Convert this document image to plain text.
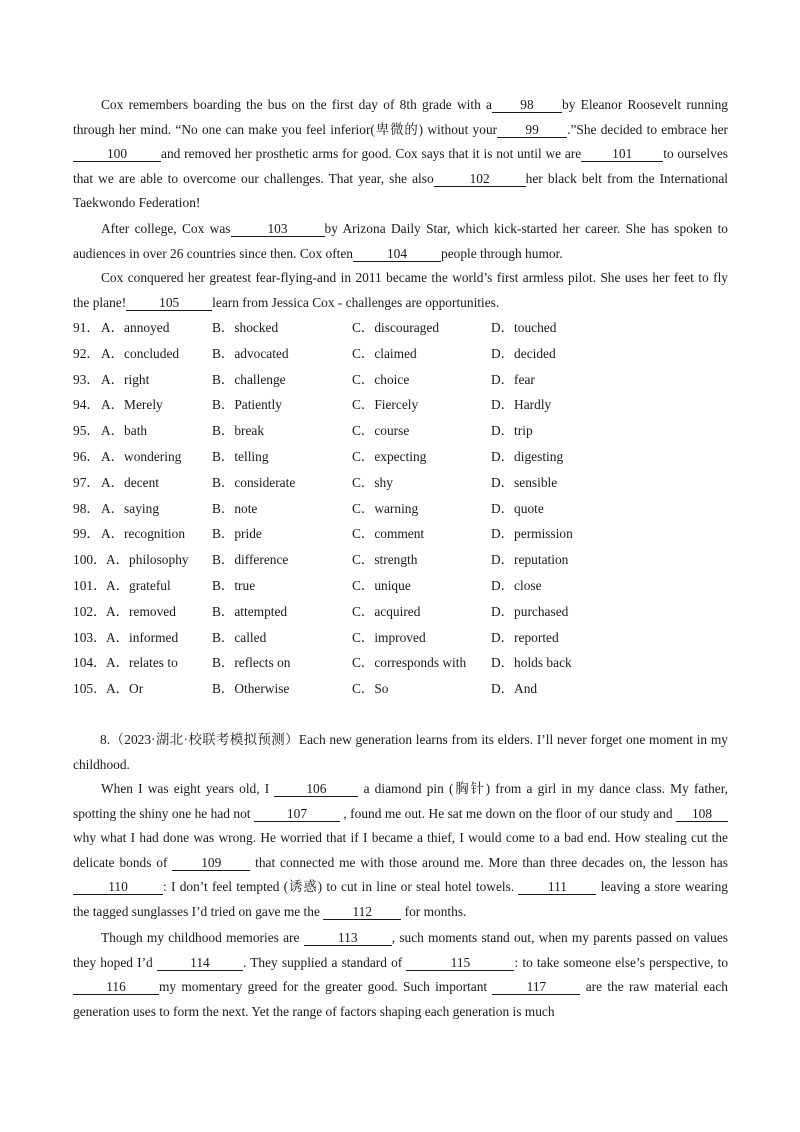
Cox remembers boarding the bus on the first day of 8th grade with a 98 by Eleanor Roosevelt running through her mind. “No one can make you feel inferior(卑微的) without your 99 .”She decided to embrace her100	and removed her prosthetic arms for good. Cox says that it is not until we are 101 to ourselves that we are able to overcome our challenges. That year, she also	102	her black belt from the International Taekwondo Federation!

After college, Cox was	103	by Arizona Daily Star, which kick-started her career. She has spoken to audiences in over 26 countries since then. Cox often	104	people through humor.

Cox conquered her greatest fear-flying-and in 2011 became the world’s first armless pilot. She uses her feet to fly the plane! 105 learn from Jessica Cox - challenges are opportunities.

91． A．annoyed	B．shocked	C．discouraged	D．touched
92． A．concluded B．advocated	C．claimed	D．decided
93． A．right	B．challenge	C．choice	D．fear
94． A．Merely	B．Patiently	C．Fiercely	D．Hardly
95． A．bath	B．break	C．course	D．trip
96． A．wondering B．telling	C．expecting	D．digesting
97． A．decent	B．considerate	C．shy	D．sensible
98． A．saying	B．note	C．warning	D．quote
99． A．recognition B．pride	C．comment	D．permission
100． A．philosophy B．difference	C．strength	D．reputation
101． A．grateful	B．true	C．unique	D．close
102． A．removed	B．attempted	C．acquired	D．purchased
103． A．informed	B．called	C．improved	D．reported
104． A．relates to	B．reflects on	C．corresponds with D．holds back
105． A．Or	B．Otherwise	C．So	D．And

8.（2023·湖北·校联考模拟预测）Each new generation learns from its elders. I’ll never forget one moment in my childhood.

When I was eight years old, I	106	a diamond pin (胸针) from a girl in my dance class. My father, spotting the shiny one he had not	107	, found me out. He sat me down on the floor of our study and 108 why what I had done was wrong. He worried that if I became a thief, I would come to a bad end. How stealing cut the delicate bonds of	109	that connected me with those around me. More than three decades on, the lesson has 110	: I don’t feel tempted (诱惑) to cut in line or steal hotel towels.	111	leaving a store wearing the tagged sunglasses I’d tried on gave me the 112 for months.

Though my childhood memories are	113	, such moments stand out, when my parents passed on values they hoped I’d	114 . They supplied a standard of	115	: to take someone else’s perspective, to 116 my momentary greed for the greater good. Such important	117	are the raw material each generation uses to form the next. Yet the range of factors shaping each generation is much
